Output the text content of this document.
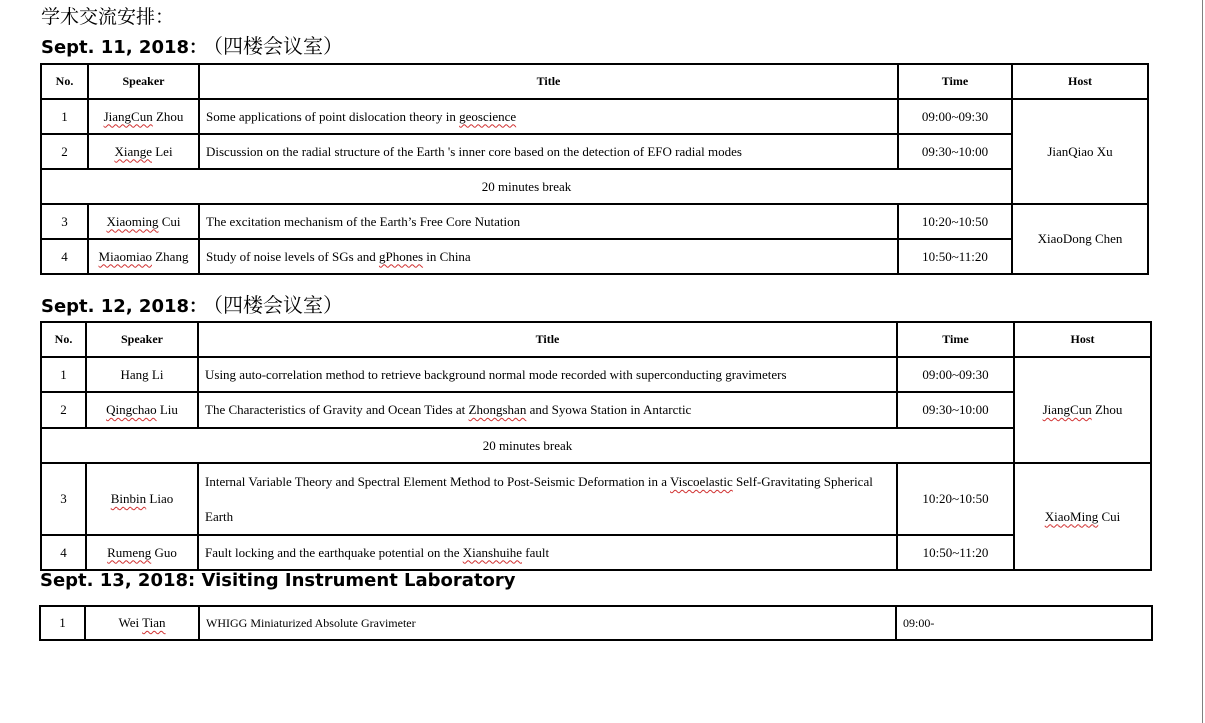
学术交流安排：
Sept. 11, 2018： （四楼会议室）
No.	Speaker	Title	Time	Host
1	JiangCun Zhou	Some applications of point dislocation theory in geoscience	09:00~09:30	JianQiao Xu
2	Xiange Lei	Discussion on the radial structure of the Earth 's inner core based on the detection of EFO radial modes	09:30~10:00	
20 minutes break				
3	Xiaoming Cui	The excitation mechanism of the Earth’s Free Core Nutation	10:20~10:50	XiaoDong Chen
4	Miaomiao Zhang	Study of noise levels of SGs and gPhones in China	10:50~11:20	
Sept. 12, 2018： （四楼会议室）
No.	Speaker	Title	Time	Host
1	Hang Li	Using auto-correlation method to retrieve background normal mode recorded with superconducting gravimeters	09:00~09:30	JiangCun Zhou
2	Qingchao Liu	The Characteristics of Gravity and Ocean Tides at Zhongshan and Syowa Station in Antarctic	09:30~10:00	
20 minutes break				
3	Binbin Liao	Internal Variable Theory and Spectral Element Method to Post-Seismic Deformation in a Viscoelastic Self-Gravitating Spherical Earth	10:20~10:50	XiaoMing Cui
4	Rumeng Guo	Fault locking and the earthquake potential on the Xianshuihe fault	10:50~11:20	
Sept. 13, 2018: Visiting Instrument Laboratory
1	Wei Tian	WHIGG Miniaturized Absolute Gravimeter	09:00-
